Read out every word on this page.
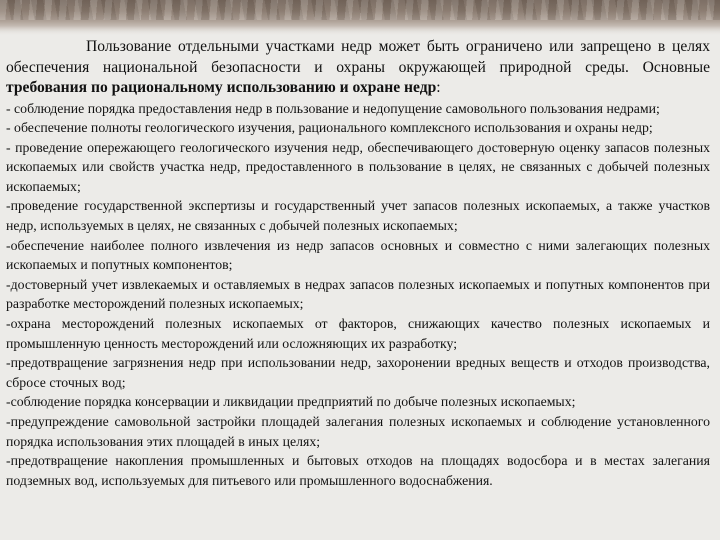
Пользование отдельными участками недр может быть ограничено или запрещено в целях обеспечения национальной безопасности и охраны окружающей природной среды. Основные требования по рациональному использованию и охране недр:

- соблюдение порядка предоставления недр в пользование и недопущение самовольного пользования недрами;
- обеспечение полноты геологического изучения, рационального комплексного использования и охраны недр;
- проведение опережающего геологического изучения недр, обеспечивающего достоверную оценку запасов полезных ископаемых или свойств участка недр, предоставленного в пользование в целях, не связанных с добычей полезных ископаемых;
-проведение государственной экспертизы и государственный учет запасов полезных ископаемых, а также участков недр, используемых в целях, не связанных с добычей полезных ископаемых;
-обеспечение наиболее полного извлечения из недр запасов основных и совместно с ними залегающих полезных ископаемых и попутных компонентов;
-достоверный учет извлекаемых и оставляемых в недрах запасов полезных ископаемых и попутных компонентов при разработке месторождений полезных ископаемых;
-охрана месторождений полезных ископаемых от факторов, снижающих качество полезных ископаемых и промышленную ценность месторождений или осложняющих их разработку;
-предотвращение загрязнения недр при использовании недр, захоронении вредных веществ и отходов производства, сбросе сточных вод;
-соблюдение порядка консервации и ликвидации предприятий по добыче полезных ископаемых;
-предупреждение самовольной застройки площадей залегания полезных ископаемых и соблюдение установленного порядка использования этих площадей в иных целях;
-предотвращение накопления промышленных и бытовых отходов на площадях водосбора и в местах залегания подземных вод, используемых для питьевого или промышленного водоснабжения.
